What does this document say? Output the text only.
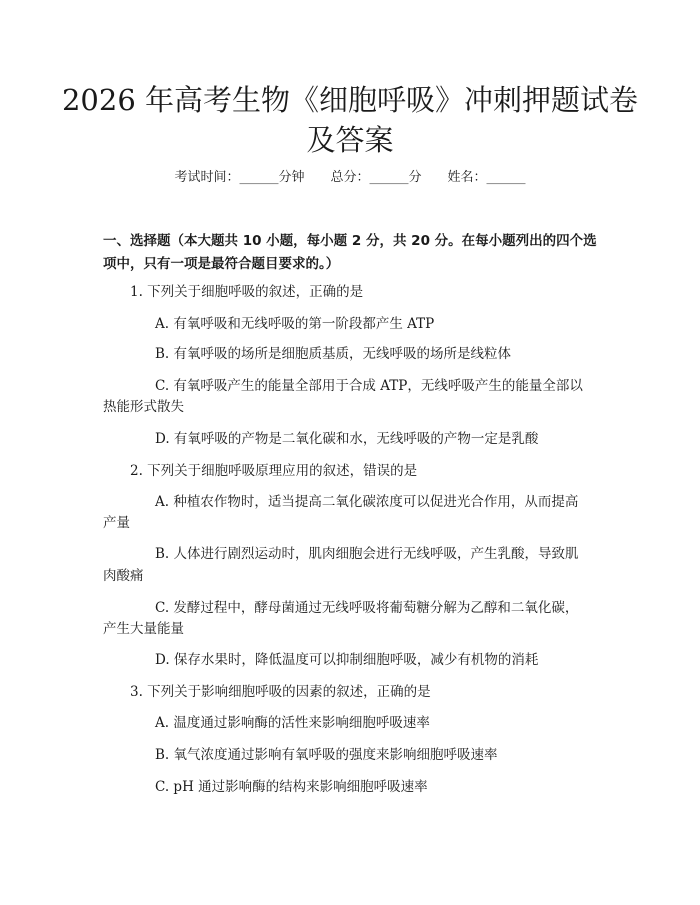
2026 年高考生物《细胞呼吸》冲刺押题试卷
及答案
考试时间：______分钟 总分：______分 姓名：______
一、选择题（本大题共 10 小题，每小题 2 分，共 20 分。在每小题列出的四个选项中，只有一项是最符合题目要求的。）
1. 下列关于细胞呼吸的叙述，正确的是
A. 有氧呼吸和无线呼吸的第一阶段都产生 ATP
B. 有氧呼吸的场所是细胞质基质，无线呼吸的场所是线粒体
C. 有氧呼吸产生的能量全部用于合成 ATP，无线呼吸产生的能量全部以
热能形式散失
D. 有氧呼吸的产物是二氧化碳和水，无线呼吸的产物一定是乳酸
2. 下列关于细胞呼吸原理应用的叙述，错误的是
A. 种植农作物时，适当提高二氧化碳浓度可以促进光合作用，从而提高
产量
B. 人体进行剧烈运动时，肌肉细胞会进行无线呼吸，产生乳酸，导致肌
肉酸痛
C. 发酵过程中，酵母菌通过无线呼吸将葡萄糖分解为乙醇和二氧化碳，
产生大量能量
D. 保存水果时，降低温度可以抑制细胞呼吸，减少有机物的消耗
3. 下列关于影响细胞呼吸的因素的叙述，正确的是
A. 温度通过影响酶的活性来影响细胞呼吸速率
B. 氧气浓度通过影响有氧呼吸的强度来影响细胞呼吸速率
C. pH 通过影响酶的结构来影响细胞呼吸速率
